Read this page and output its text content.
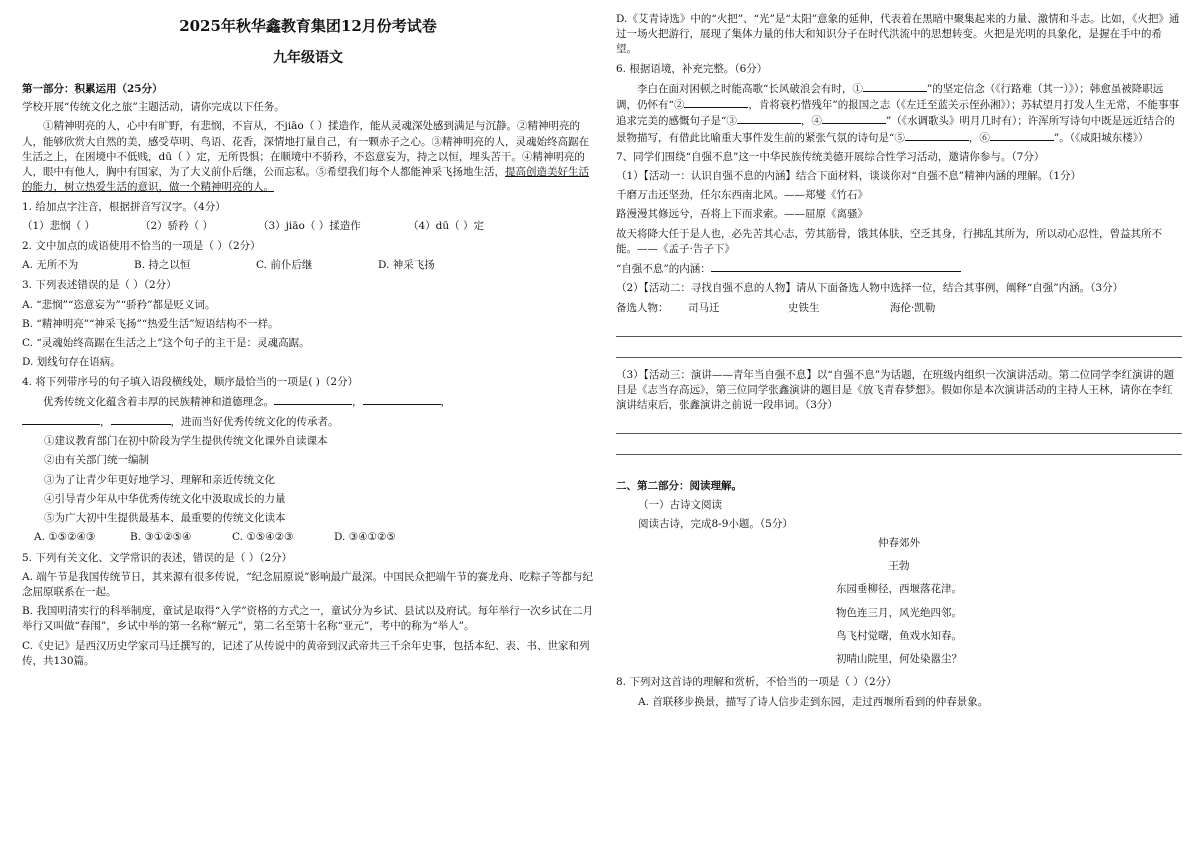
2025年秋华鑫教育集团12月份考试卷
九年级语文
第一部分：积累运用（25分）

学校开展“传统文化之旅”主题活动，请你完成以下任务。

①精神明亮的人，心中有旷野，有悲悯，不盲从，不jiāo（ ）揉造作，能从灵魂深处感到满足与沉静。②精神明亮的人，能够欣赏大自然的美，感受草明、鸟语、花香，深情地打量自己，有一颗赤子之心。③精神明亮的人，灵魂始终高踞在生活之上，在困境中不低贱，dū（ ）定，无所畏惧；在顺境中不骄矜，不恣意妄为，持之以恒，埋头苦干。④精神明亮的人，眼中有他人，胸中有国家，为了大义前仆后继，公而忘私。⑤希望我们每个人都能神采飞扬地生活，提高创造美好生活的能力，树立热爱生活的意识，做一个精神明亮的人。

1. 给加点字注音，根据拼音写汉字。（4分）

（1）悲悯（ ）	（2）骄矜（ ）	（3）jiāo（ ）揉造作	（4）dū（ ）定

2. 文中加点的成语使用不恰当的一项是（ ）（2分）

A. 无所不为	B. 持之以恒	C. 前仆后继	D. 神采飞扬

3. 下列表述错误的是（ ）（2分）

A. “悲悯”“恣意妄为”“骄矜”都是贬义词。

B. “精神明亮”“神采飞扬”“热爱生活”短语结构不一样。

C. “灵魂始终高踞在生活之上”这个句子的主干是：灵魂高踞。

D. 划线句存在语病。

4. 将下列带序号的句子填入语段横线处，顺序最恰当的一项是( )（2分）

优秀传统文化蕴含着丰厚的民族精神和道德理念。	，	，

，	，进而当好优秀传统文化的传承者。

①建议教育部门在初中阶段为学生提供传统文化课外自读课本

②由有关部门统一编制

③为了让青少年更好地学习、理解和亲近传统文化

④引导青少年从中华优秀传统文化中汲取成长的力量

⑤为广大初中生提供最基本、最重要的传统文化读本

A. ①⑤②④③	B. ③①②⑤④	C. ①⑤④②③	D. ③④①②⑤

5. 下列有关文化、文学常识的表述，错误的是（ ）（2分）

A. 端午节是我国传统节日，其来源有很多传说，“纪念屈原说”影响最广最深。中国民众把端午节的赛龙舟、吃粽子等都与纪念屈原联系在一起。

B. 我国明清实行的科举制度，童试是取得“入学”资格的方式之一，童试分为乡试、县试以及府试。每年举行一次乡试在二月举行又叫做“春闱”，乡试中举的第一名称“解元”，第二名至第十名称“亚元”，考中的称为“举人”。

C.《史记》是西汉历史学家司马迁撰写的，记述了从传说中的黄帝到汉武帝共三千余年史事，包括本纪、表、书、世家和列传，共130篇。

D.《艾青诗选》中的“火把”、“光”是“太阳”意象的延伸，代表着在黑暗中聚集起来的力量、激情和斗志。比如，《火把》通过一场火把游行，展现了集体力量的伟大和知识分子在时代洪流中的思想转变。火把是光明的具象化，是握在手中的希望。

6. 根据语境，补充完整。（6分）

李白在面对困顿之时能高歌“长风破浪会有时，①	”的坚定信念（《行路难（其一）》）；韩愈虽被降职远调，仍怀有“②	，肯将衰朽惜残年”的报国之志（《左迁至蓝关示侄孙湘》）；苏轼望月打发人生无常，不能事事追求完美的感慨句子是“③	，④	”（《水调歌头》明月几时有）；许浑所写诗句中既是远近结合的景物描写，有借此比喻重大事件发生前的紧张气氛的诗句是“⑤	，⑥	”。（《咸阳城东楼》）

7、同学们围绕“自强不息”这一中华民族传统美德开展综合性学习活动，邀请你参与。（7分）

（1）【活动一：认识自强不息的内涵】结合下面材料，谈谈你对“自强不息”精神内涵的理解。（1分）

千磨万击还坚劲，任尔东西南北风。——郑燮《竹石》

路漫漫其修远兮，吾将上下而求索。——屈原《离骚》

故天将降大任于是人也，必先苦其心志，劳其筋骨，饿其体肤，空乏其身，行拂乱其所为，所以动心忍性，曾益其所不能。——《孟子·告子下》

“自强不息”的内涵：

（2）【活动二：寻找自强不息的人物】请从下面备选人物中选择一位，结合其事例，阐释“自强”内涵。（3分）

备选人物：	司马迁	史铁生	海伦·凯勒

（3）【活动三：演讲——青年当自强不息】以“自强不息”为话题，在班级内组织一次演讲活动。第二位同学李红演讲的题目是《志当存高远》，第三位同学张鑫演讲的题目是《放飞青春梦想》。假如你是本次演讲活动的主持人王林，请你在李红演讲结束后，张鑫演讲之前说一段串词。（3分）

二、第二部分：阅读理解。

（一）古诗文阅读

阅读古诗，完成8-9小题。（5分）

仲春郊外
王勃
东园垂柳径，西堰落花津。
物色连三月，风光绝四邻。
鸟飞村觉曙，鱼戏水知春。
初晴山院里，何处染嚣尘？

8. 下列对这首诗的理解和赏析，不恰当的一项是（ ）（2分）

A. 首联移步换景，描写了诗人信步走到东园，走过西堰所看到的仲春景象。
